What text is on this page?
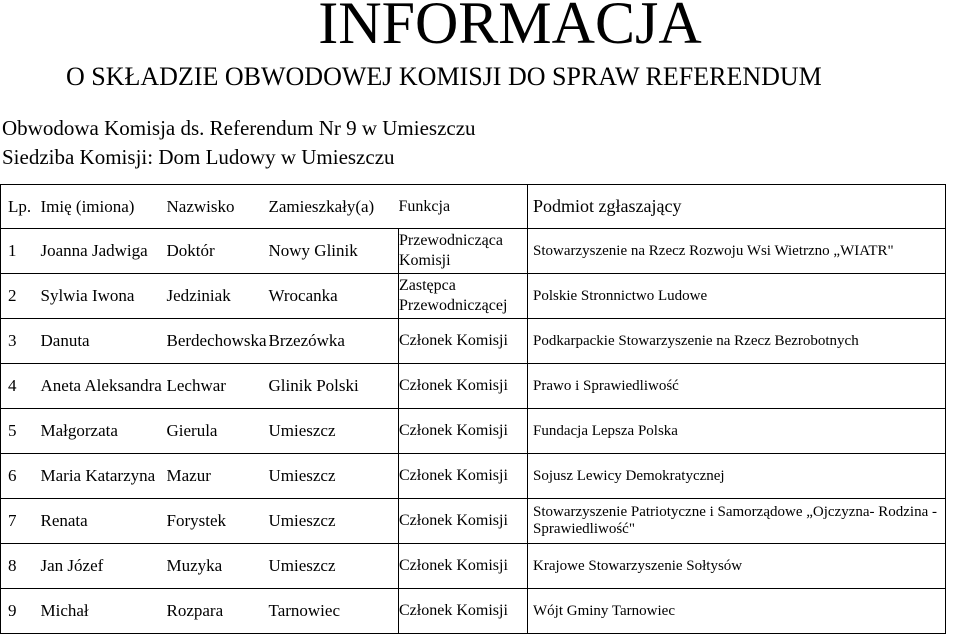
INFORMACJA
O SKŁADZIE OBWODOWEJ KOMISJI DO SPRAW REFERENDUM
Obwodowa Komisja ds. Referendum Nr 9 w Umieszczu
Siedziba Komisji: Dom Ludowy w Umieszczu
Lp.	Imię (imiona)	Nazwisko	Zamieszkały(a)	Funkcja	Podmiot zgłaszający
1	Joanna Jadwiga	Doktór	Nowy Glinik	Przewodnicząca Komisji	Stowarzyszenie na Rzecz Rozwoju Wsi Wietrzno „WIATR"
2	Sylwia Iwona	Jedziniak	Wrocanka	Zastępca Przewodniczącej	Polskie Stronnictwo Ludowe
3	Danuta	Berdechowska	Brzezówka	Członek Komisji	Podkarpackie Stowarzyszenie na Rzecz Bezrobotnych
4	Aneta Aleksandra	Lechwar	Glinik Polski	Członek Komisji	Prawo i Sprawiedliwość
5	Małgorzata	Gierula	Umieszcz	Członek Komisji	Fundacja Lepsza Polska
6	Maria Katarzyna	Mazur	Umieszcz	Członek Komisji	Sojusz Lewicy Demokratycznej
7	Renata	Forystek	Umieszcz	Członek Komisji	Stowarzyszenie Patriotyczne i Samorządowe „Ojczyzna- Rodzina - Sprawiedliwość"
8	Jan Józef	Muzyka	Umieszcz	Członek Komisji	Krajowe Stowarzyszenie Sołtysów
9	Michał	Rozpara	Tarnowiec	Członek Komisji	Wójt Gminy Tarnowiec
